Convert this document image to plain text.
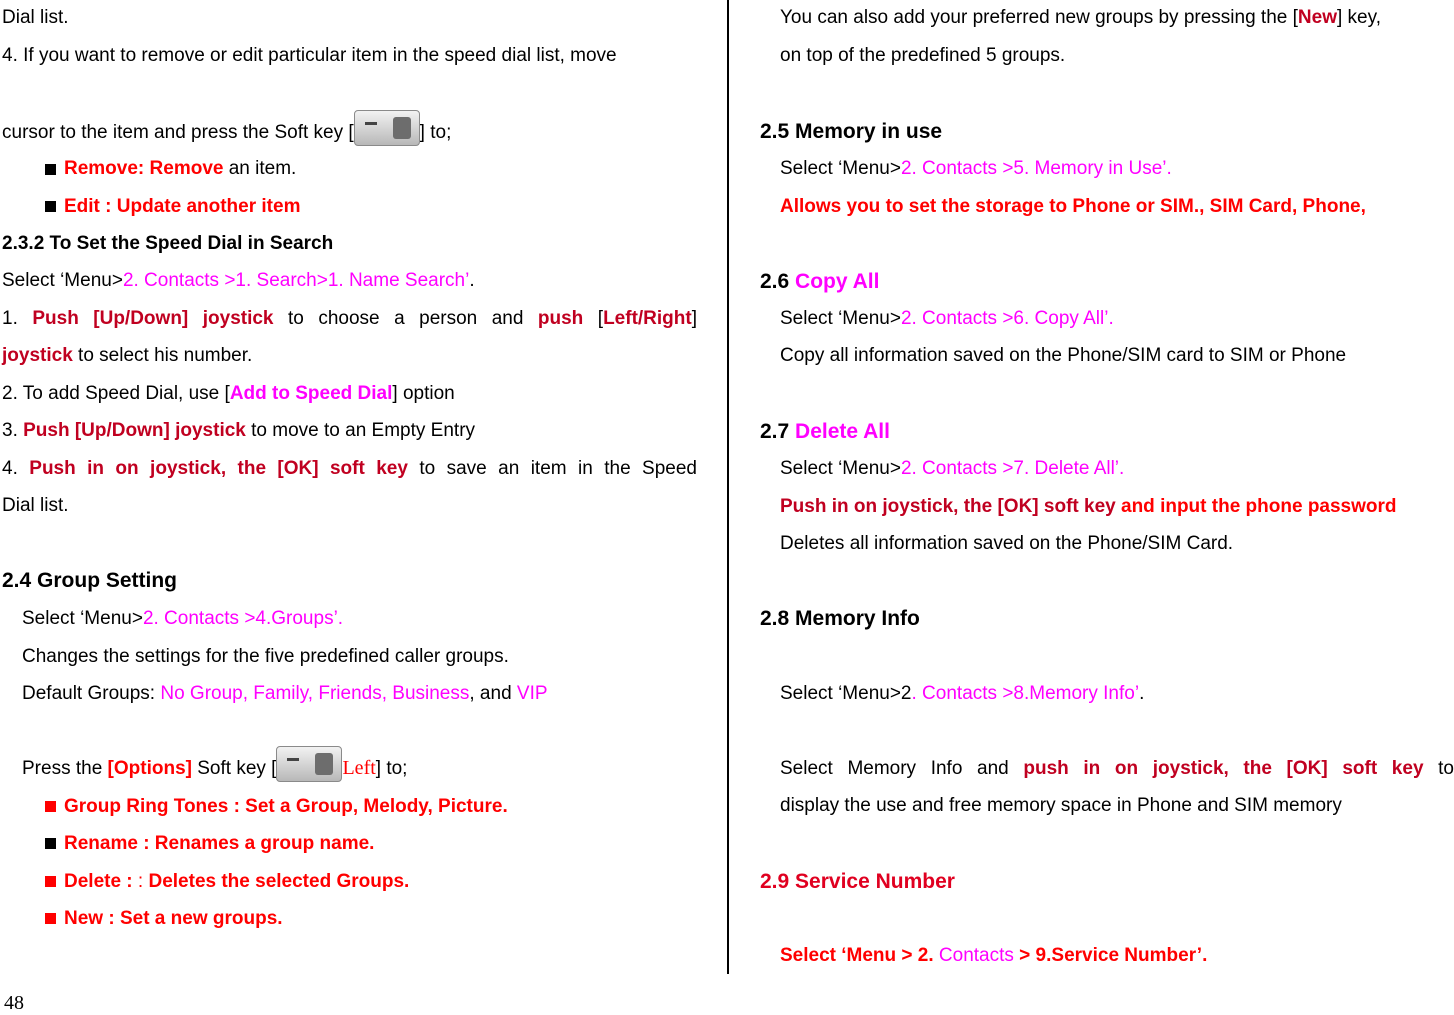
Dial list.
4. If you want to remove or edit particular item in the speed dial list, move
cursor to the item and press the Soft key [	] to;
Remove: Remove an item.
Edit : Update another item
2.3.2 To Set the Speed Dial in Search
Select ‘Menu>2. Contacts >1. Search>1. Name Search’.
1. Push [Up/Down] joystick to choose a person and push [Left/Right]
joystick to select his number.
2. To add Speed Dial, use [Add to Speed Dial] option
3. Push [Up/Down] joystick to move to an Empty Entry
4. Push in on joystick, the [OK] soft key to save an item in the Speed
Dial list.
2.4 Group Setting
Select ‘Menu>2. Contacts >4.Groups’.
Changes the settings for the five predefined caller groups.
Default Groups: No Group, Family, Friends, Business, and VIP
Press the [Options] Soft key [	Left] to;
Group Ring Tones : Set a Group, Melody, Picture.
Rename : Renames a group name.
Delete : : Deletes the selected Groups.
New : Set a new groups.
48
You can also add your preferred new groups by pressing the [New] key,
on top of the predefined 5 groups.
2.5 Memory in use
Select ‘Menu>2. Contacts >5. Memory in Use’.
Allows you to set the storage to Phone or SIM., SIM Card, Phone,
2.6 Copy All
Select ‘Menu>2. Contacts >6. Copy All’.
Copy all information saved on the Phone/SIM card to SIM or Phone
2.7 Delete All
Select ‘Menu>2. Contacts >7. Delete All’.
Push in on joystick, the [OK] soft key and input the phone password
Deletes all information saved on the Phone/SIM Card.
2.8 Memory Info
Select ‘Menu>2. Contacts >8.Memory Info’.
Select Memory Info and push in on joystick, the [OK] soft key to
display the use and free memory space in Phone and SIM memory
2.9 Service Number
Select ‘Menu > 2. Contacts > 9.Service Number’.
